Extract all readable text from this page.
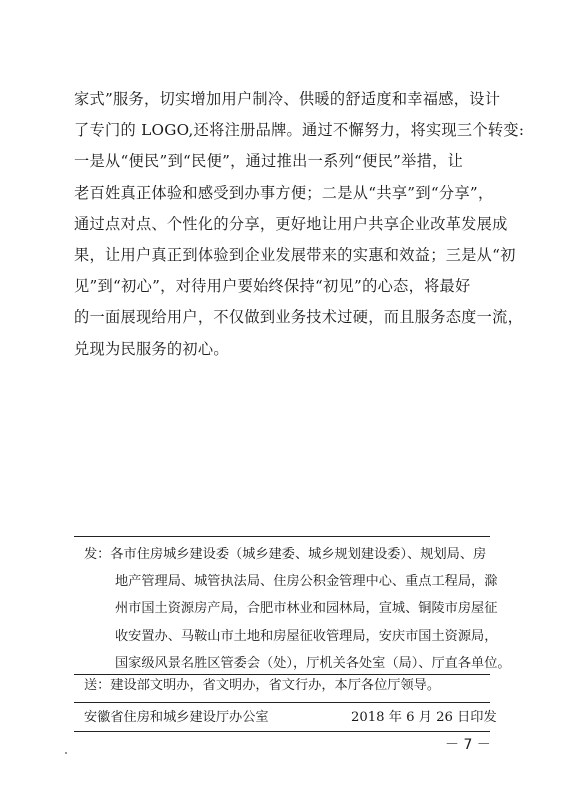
家式”服务，切实增加用户制冷、供暖的舒适度和幸福感，设计
了专门的 LOGO,还将注册品牌。通过不懈努力，将实现三个转变:
一是从“便民”到“民便”，通过推出一系列“便民”举措，让
老百姓真正体验和感受到办事方便；二是从“共享”到“分享”，
通过点对点、个性化的分享，更好地让用户共享企业改革发展成
果，让用户真正到体验到企业发展带来的实惠和效益；三是从“初
见”到“初心”，对待用户要始终保持“初见”的心态，将最好
的一面展现给用户，不仅做到业务技术过硬，而且服务态度一流，
兑现为民服务的初心。
发：各市住房城乡建设委（城乡建委、城乡规划建设委）、规划局、房
地产管理局、城管执法局、住房公积金管理中心、重点工程局，滁
州市国土资源房产局，合肥市林业和园林局，宣城、铜陵市房屋征
收安置办、马鞍山市土地和房屋征收管理局，安庆市国土资源局，
国家级风景名胜区管委会（处），厅机关各处室（局）、厅直各单位。
送：建设部文明办，省文明办，省文行办，本厅各位厅领导。
安徽省住房和城乡建设厅办公室	2018 年 6 月 26 日印发
－ 7 －
